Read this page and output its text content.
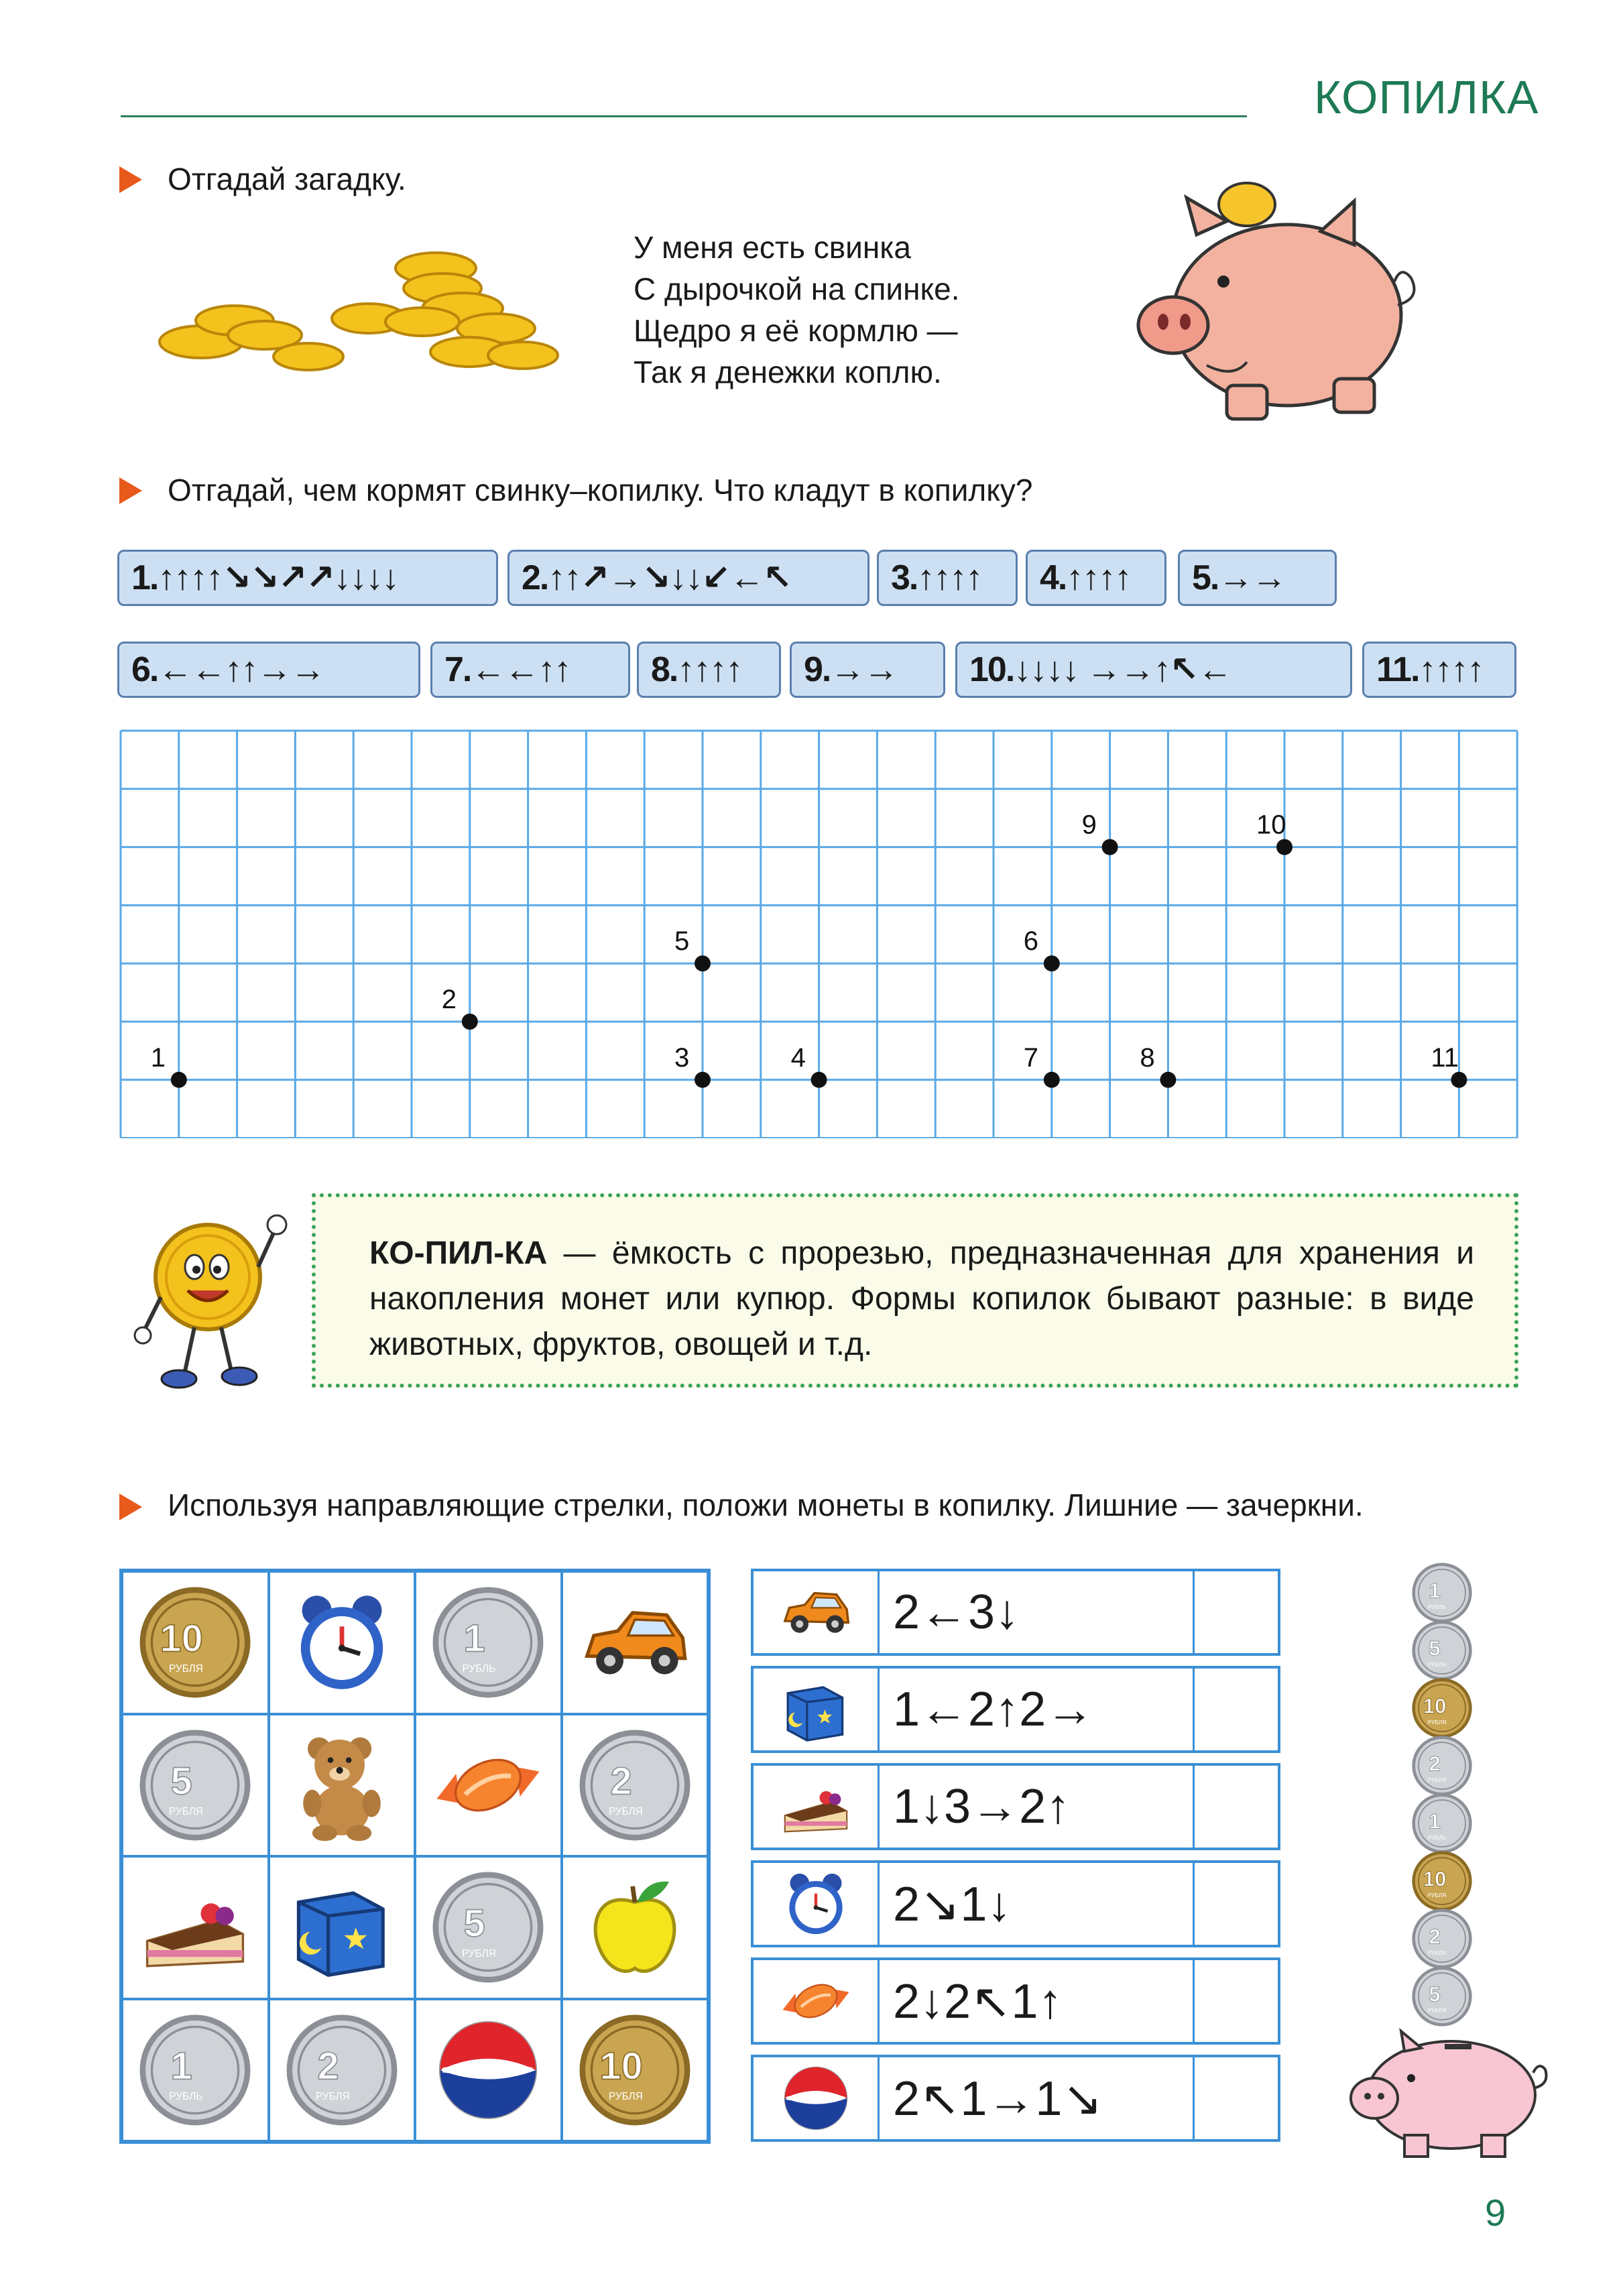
КОПИЛКА
Отгадай загадку.
У меня есть свинка
С дырочкой на спинке.
Щедро я её кормлю —
Так я денежки коплю.
Отгадай, чем кормят свинку–копилку. Что кладут в копилку?
1. ↑↑↑↑↘↘↗↗↓↓↓↓	2. ↑↑↗→↘↓↓↙←↖	3. ↑↑↑↑ 4. ↑↑↑↑ 5. →→
6. ←←↑↑→→	7. ←←↑↑ 8. ↑↑↑↑ 9. →→ 10. ↓↓↓↓ →→↑↖←	11. ↑↑↑↑
1
2
3	4
5	6
7	8
9	10
11
КО-ПИЛ-КА — ёмкость с прорезью, предназначенная для хранения и накопления монет или купюр. Формы копилок бывают разные: в виде животных, фруктов, овощей и т.д.
Используя направляющие стрелки, положи монеты в копилку. Лишние — зачеркни.
10
РУБЛЯ
1
РУБЛЬ
5
РУБЛЯ
2
РУБЛЯ
5
РУБЛЯ
1
РУБЛЬ
2
РУБЛЯ
10
РУБЛЯ
2←3↓
1←2↑2→
1↓3→2↑
2↘1↓
2↓2↖1↑
2↖1→1↘
1
РУБЛЬ
5
РУБЛЯ
10
РУБЛЯ
2
РУБЛЯ
1
РУБЛЬ
10
РУБЛЯ
2
РУБЛЯ
5
РУБЛЯ
9
